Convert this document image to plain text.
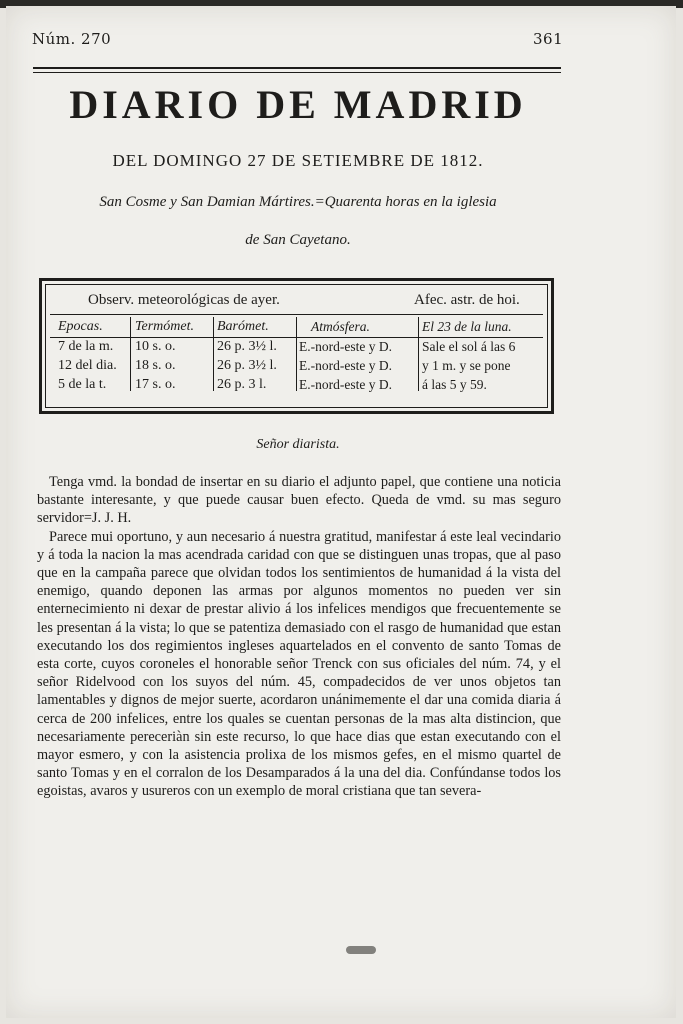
Núm. 270	361
DIARIO DE MADRID
DEL DOMINGO 27 DE SETIEMBRE DE 1812.
San Cosme y San Damian Mártires.=Quarenta horas en la iglesia
de San Cayetano.
Observ. meteorológicas de ayer.	Afec. astr. de hoi.
Epocas.
7 de la m.
12 del dia.
5 de la t.
Termómet.
10 s. o.
18 s. o.
17 s. o.
Barómet.
26 p. 3½ l.
26 p. 3½ l.
26 p. 3 l.
Atmósfera.
E.-nord-este y D.
E.-nord-este y D.
E.-nord-este y D.
El 23 de la luna.
Sale el sol á las 6
y 1 m. y se pone
á las 5 y 59.
Señor diarista.

Tenga vmd. la bondad de insertar en su diario el adjunto papel, que contiene una noticia bastante interesante, y que puede causar buen efecto. Queda de vmd. su mas seguro servidor=J. J. H.

Parece mui oportuno, y aun necesario á nuestra gratitud, manifestar á este leal vecindario y á toda la nacion la mas acendrada caridad con que se distinguen unas tropas, que al paso que en la campaña parece que olvidan todos los sentimientos de humanidad á la vista del enemigo, quando deponen las armas por algunos momentos no pueden ver sin enternecimiento ni dexar de prestar alivio á los infelices mendigos que frecuentemente se les presentan á la vista; lo que se patentiza demasiado con el rasgo de humanidad que estan executando los dos regimientos ingleses aquartelados en el convento de santo Tomas de esta corte, cuyos coroneles el honorable señor Trenck con sus oficiales del núm. 74, y el señor Ridelvood con los suyos del núm. 45, compadecidos de ver unos objetos tan lamentables y dignos de mejor suerte, acordaron unánimemente el dar una comida diaria á cerca de 200 infelices, entre los quales se cuentan personas de la mas alta distincion, que necesariamente pereceriàn sin este recurso, lo que hace dias que estan executando con el mayor esmero, y con la asistencia prolixa de los mismos gefes, en el mismo quartel de santo Tomas y en el corralon de los Desamparados á la una del dia. Confúndanse todos los egoistas, avaros y usureros con un exemplo de moral cristiana que tan severa-
